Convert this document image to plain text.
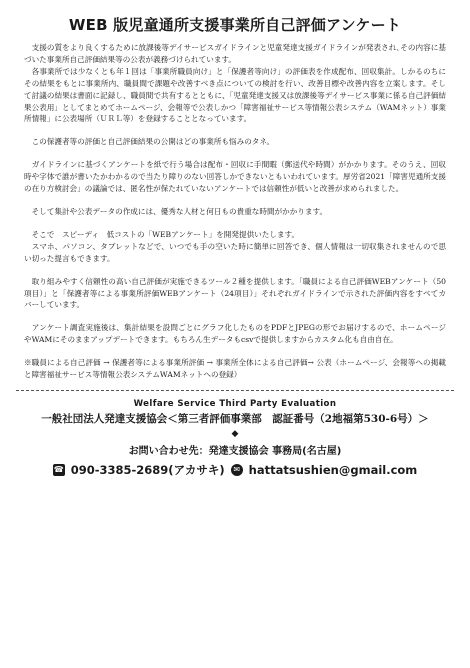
WEB 版児童通所支援事業所自己評価アンケート

　支援の質をより良くするために放課後等デイサービスガイドラインと児童発達支援ガイドラインが発表され､その内容に基づいた事業所自己評価結果等の公表が義務づけられています。

　各事業所では少なくとも年１回は「事業所職員向け」と「保護者等向け」の評価表を作成配布、回収集計。しかるのちにその結果をもとに事業所内、職員間で課題や改善すべき点についての検討を行い、改善目標や改善内容を立案します。そして討議の結果は書面に記録し、職員間で共有するとともに、「児童発達支援又は放課後等デイサービス事業に係る自己評価結果公表用」としてまとめてホームページ、会報等で公表しかつ「障害福祉サービス等情報公表システム（WAMネット）事業所情報」に公表場所（ＵＲＬ等）を登録することとなっています。

　この保護者等の評価と自己評価結果の公開はどの事業所も悩みのタネ。

　ガイドラインに基づくアンケートを紙で行う場合は配布・回収に手間暇（郵送代や時間）がかかります。そのうえ、回収時や字体で誰が書いたかわかるので当たり障りのない回答しかできないともいわれています。厚労省2021「障害児通所支援の在り方検討会」の議論では、匿名性が保たれていないアンケートでは信頼性が低いと改善が求められました。

　そして集計や公表データの作成には、優秀な人材と何日もの貴重な時間がかかります。

　そこで　スピーディ　低コストの「WEBアンケート」を開発提供いたします。

　スマホ、パソコン、タブレットなどで、いつでも手の空いた時に簡単に回答でき、個人情報は一切収集されませんので思い切った提言もできます。

　取り組みやすく信頼性の高い自己評価が実施できるツール２種を提供します。「職員による自己評価WEBアンケート（50項目）」と「保護者等による事業所評価WEBアンケート（24項目）」それぞれガイドラインで示された評価内容をすべてカバーしています。

　アンケート調査実施後は、集計結果を設問ごとにグラフ化したものをPDFとJPEGの形でお届けするので、ホームページやWAMにそのままアップデートできます。もちろん生データもcsvで提供しますからカスタム化も自由自在。

※職員による自己評価 → 保護者等による事業所評価 → 事業所全体による自己評価→ 公表（ホームページ、会報等への掲載と障害福祉サービス等情報公表システムWAMネットへの登録）

Welfare Service Third Party Evaluation

一般社団法人発達支援協会＜第三者評価事業部　認証番号（2地福第530-6号）＞

◆

お問い合わせ先：発達支援協会 事務局(名古屋)

☎ 090-3385-2689(アカサキ)	✉ hattatsushien@gmail.com
